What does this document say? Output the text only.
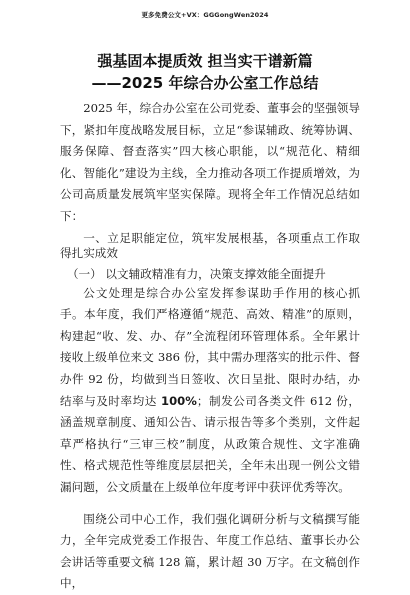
更多免费公文+VX：GGGongWen2024
强基固本提质效 担当实干谱新篇
——2025 年综合办公室工作总结

2025 年，综合办公室在公司党委、董事会的坚强领导下，紧扣年度战略发展目标，立足“参谋辅政、统筹协调、服务保障、督查落实”四大核心职能，以“规范化、精细化、智能化”建设为主线，全力推动各项工作提质增效，为公司高质量发展筑牢坚实保障。现将全年工作情况总结如下：

一、立足职能定位，筑牢发展根基，各项重点工作取得扎实成效

（一） 以文辅政精准有力，决策支撑效能全面提升

公文处理是综合办公室发挥参谋助手作用的核心抓手。本年度，我们严格遵循“规范、高效、精准”的原则，构建起“收、发、办、存”全流程闭环管理体系。全年累计接收上级单位来文 386 份，其中需办理落实的批示件、督办件 92 份，均做到当日签收、次日呈批、限时办结，办结率与及时率均达 100%；制发公司各类文件 612 份，涵盖规章制度、通知公告、请示报告等多个类别，文件起草严格执行“三审三校”制度，从政策合规性、文字准确性、格式规范性等维度层层把关，全年未出现一例公文错漏问题，公文质量在上级单位年度考评中获评优秀等次。

围绕公司中心工作，我们强化调研分析与文稿撰写能力，全年完成党委工作报告、年度工作总结、董事长办公会讲话等重要文稿 128 篇，累计超 30 万字。在文稿创作中，
